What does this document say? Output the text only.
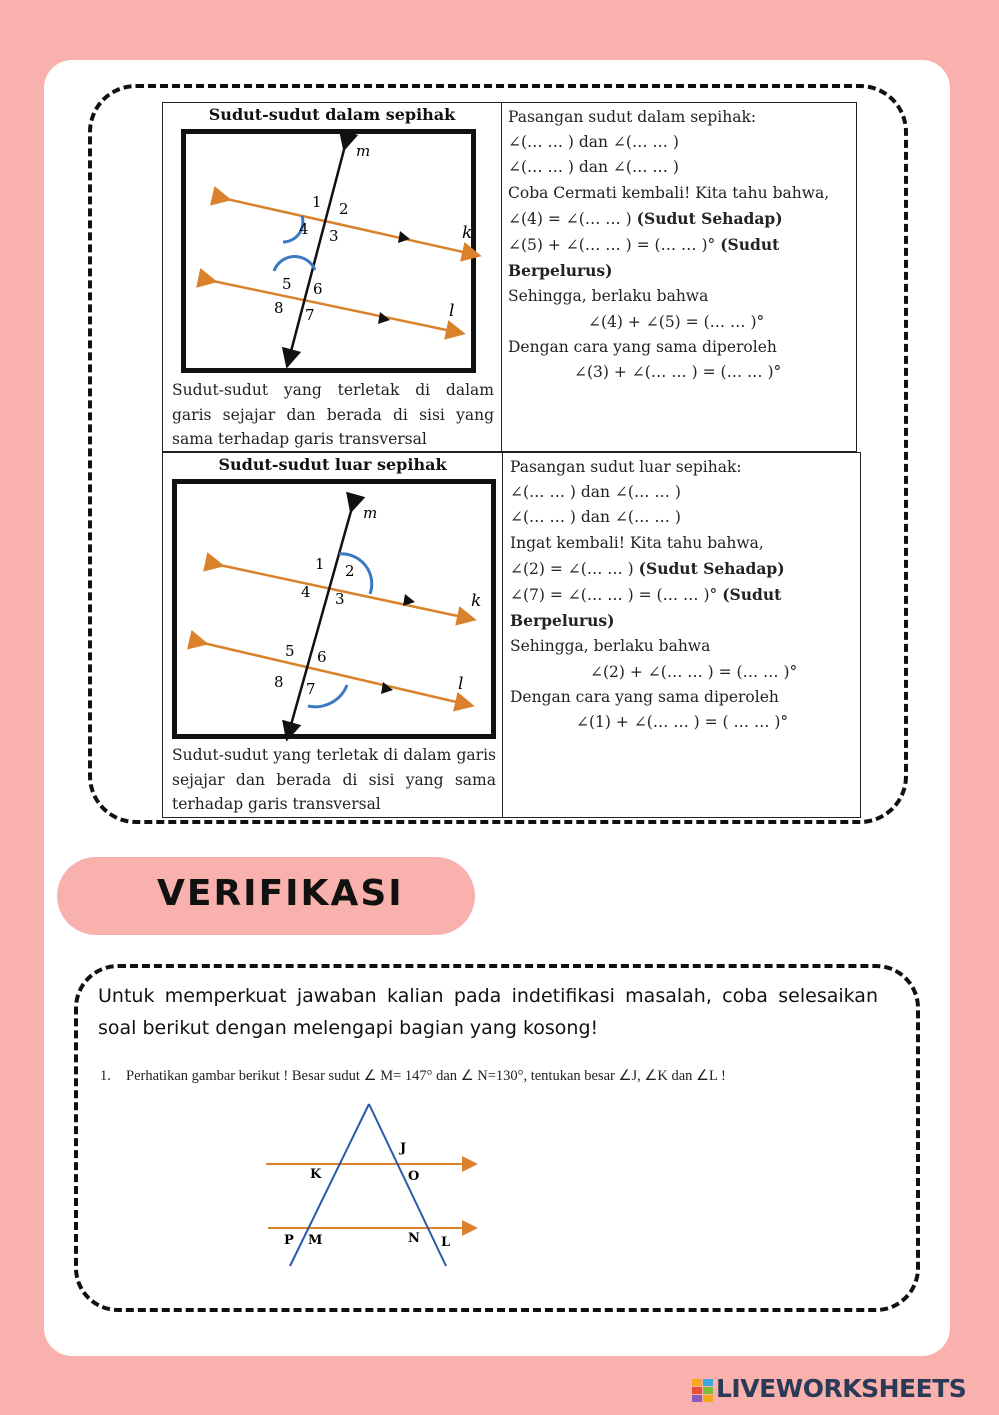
Sudut-sudut dalam sepihak
m
k
l
1 2
3
4
5 6
7
8
Sudut-sudut yang terletak di dalam garis sejajar dan berada di sisi yang sama terhadap garis transversal

Pasangan sudut dalam sepihak:

∠(… … ) dan ∠(… … )

∠(… … ) dan ∠(… … )

Coba Cermati kembali! Kita tahu bahwa,

∠(4) = ∠(… … ) (Sudut Sehadap)

∠(5) + ∠(… … ) = (… … )° (Sudut

Berpelurus)

Sehingga, berlaku bahwa

∠(4) + ∠(5) = (… … )°

Dengan cara yang sama diperoleh

∠(3) + ∠(… … ) = (… … )°

Sudut-sudut luar sepihak
m
k
l
1 2
3
4
5 6
7
8
Sudut-sudut yang terletak di dalam garis sejajar dan berada di sisi yang sama terhadap garis transversal

Pasangan sudut luar sepihak:

∠(… … ) dan ∠(… … )

∠(… … ) dan ∠(… … )

Ingat kembali! Kita tahu bahwa,

∠(2) = ∠(… … ) (Sudut Sehadap)

∠(7) = ∠(… … ) = (… … )° (Sudut

Berpelurus)

Sehingga, berlaku bahwa

∠(2) + ∠(… … ) = (… … )°

Dengan cara yang sama diperoleh

∠(1) + ∠(… … ) = ( … … )°

VERIFIKASI
Untuk memperkuat jawaban kalian pada indetifikasi masalah, coba selesaikan soal berikut dengan melengapi bagian yang kosong!
1. Perhatikan gambar berikut ! Besar sudut ∠ M= 147° dan ∠ N=130°, tentukan besar ∠J, ∠K dan ∠L !
J
K	O
P M	N L
LIVEWORKSHEETS
